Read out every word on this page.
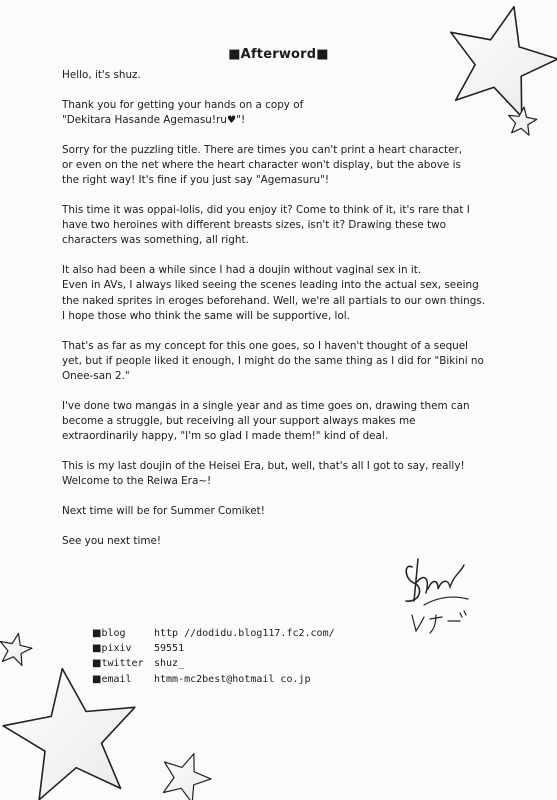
■Afterword■

Hello, it's shuz.

Thank you for getting your hands on a copy of
"Dekitara Hasande Agemasu!ru♥"!

Sorry for the puzzling title. There are times you can't print a heart character,
or even on the net where the heart character won't display, but the above is
the right way! It's fine if you just say "Agemasuru"!

This time it was oppai-lolis, did you enjoy it? Come to think of it, it's rare that I
have two heroines with different breasts sizes, isn't it? Drawing these two
characters was something, all right.

It also had been a while since I had a doujin without vaginal sex in it.
Even in AVs, I always liked seeing the scenes leading into the actual sex, seeing
the naked sprites in eroges beforehand. Well, we're all partials to our own things.
I hope those who think the same will be supportive, lol.

That's as far as my concept for this one goes, so I haven't thought of a sequel
yet, but if people liked it enough, I might do the same thing as I did for "Bikini no
Onee-san 2."

I've done two mangas in a single year and as time goes on, drawing them can
become a struggle, but receiving all your support always makes me
extraordinarily happy, "I'm so glad I made them!" kind of deal.

This is my last doujin of the Heisei Era, but, well, that's all I got to say, really!
Welcome to the Reiwa Era~!

Next time will be for Summer Comiket!

See you next time!

■blog	http //dodidu.blog117.fc2.com/
■pixiv	59551
■twitter	shuz_
■email	htmm-mc2best@hotmail co.jp
